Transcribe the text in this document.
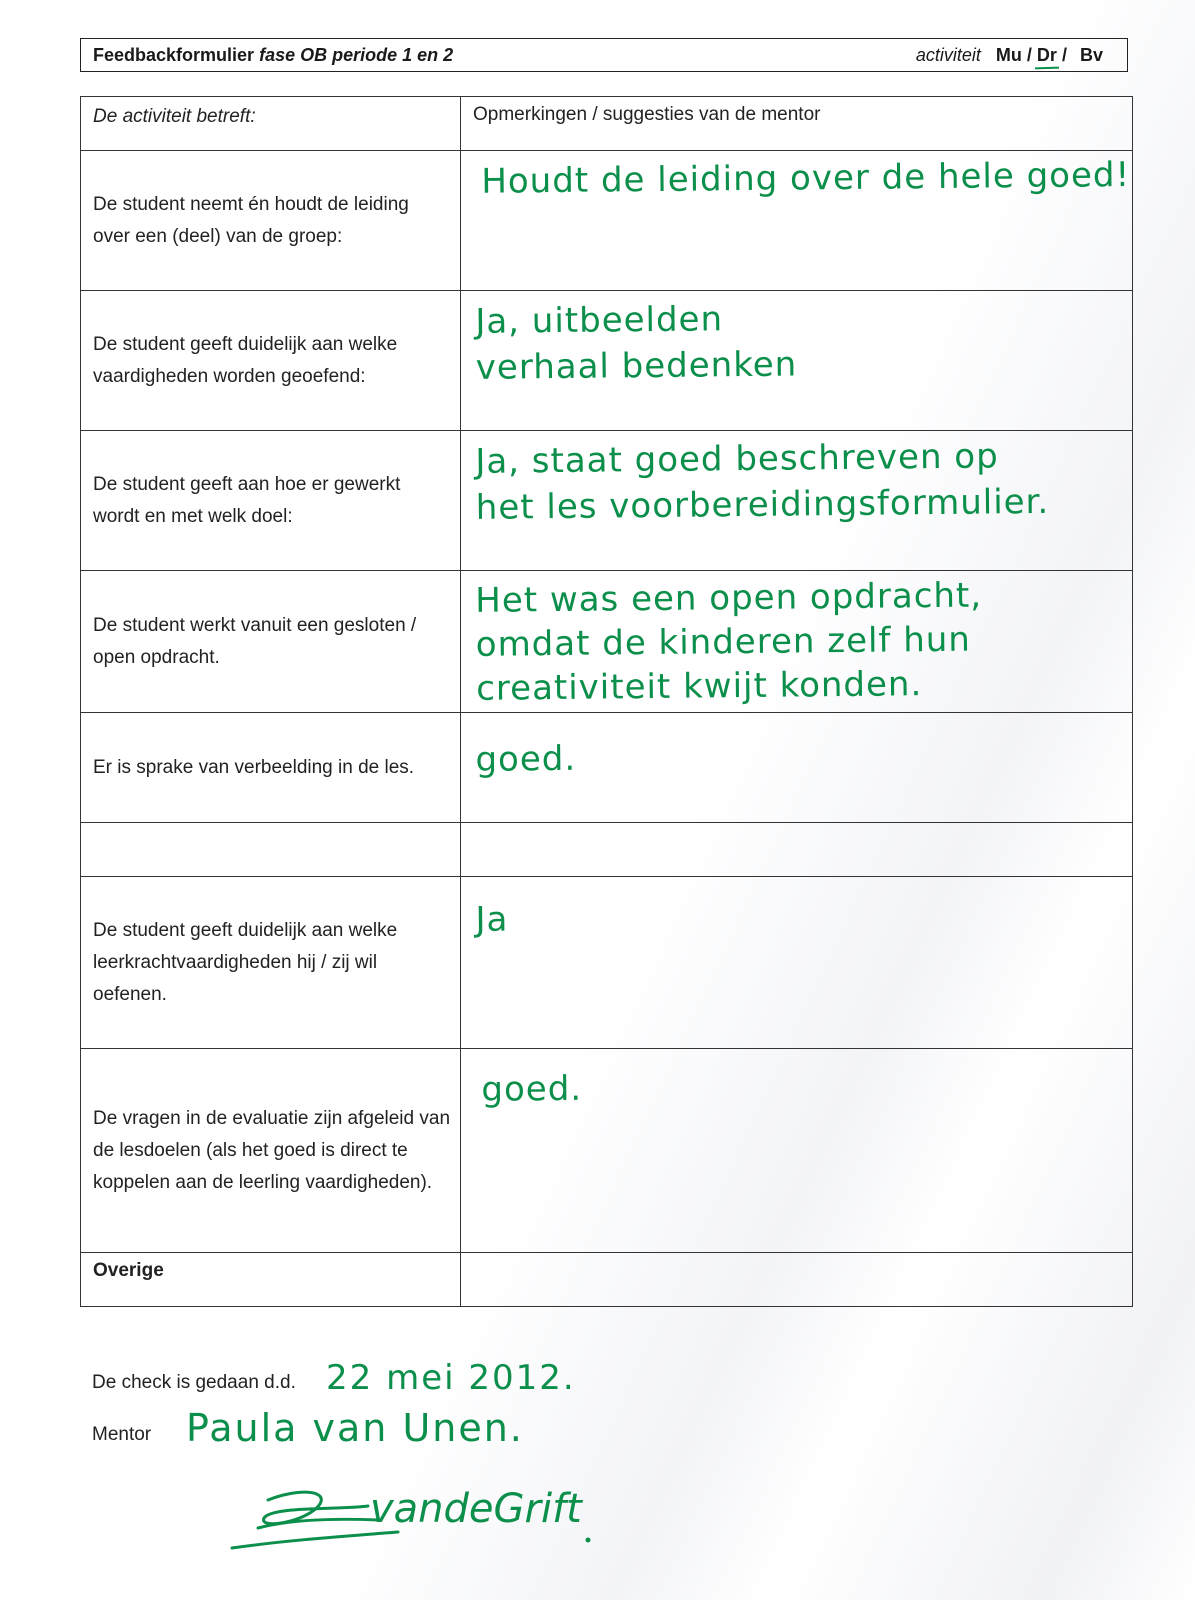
Feedbackformulier fase OB periode 1 en 2	activiteit Mu / Dr / Bv
De activiteit betreft:	Opmerkingen / suggesties van de mentor
De student neemt én houdt de leiding over een (deel) van de groep:	Houdt de leiding over de hele goed!

De student geeft duidelijk aan welke vaardigheden worden geoefend:	Ja, uitbeelden
verhaal bedenken

De student geeft aan hoe er gewerkt wordt en met welk doel:	Ja, staat goed beschreven op
het les voorbereidingsformulier.

De student werkt vanuit een gesloten / open opdracht.	Het was een open opdracht,
omdat de kinderen zelf hun
creativiteit kwijt konden.

Er is sprake van verbeelding in de les.	goed.

De student geeft duidelijk aan welke leerkrachtvaardigheden hij / zij wil oefenen.	Ja

De vragen in de evaluatie zijn afgeleid van de lesdoelen (als het goed is direct te koppelen aan de leerling vaardigheden).	goed.

Overige	
De check is gedaan d.d. 22 mei 2012.
Mentor Paula van Unen.
vandeGrift
